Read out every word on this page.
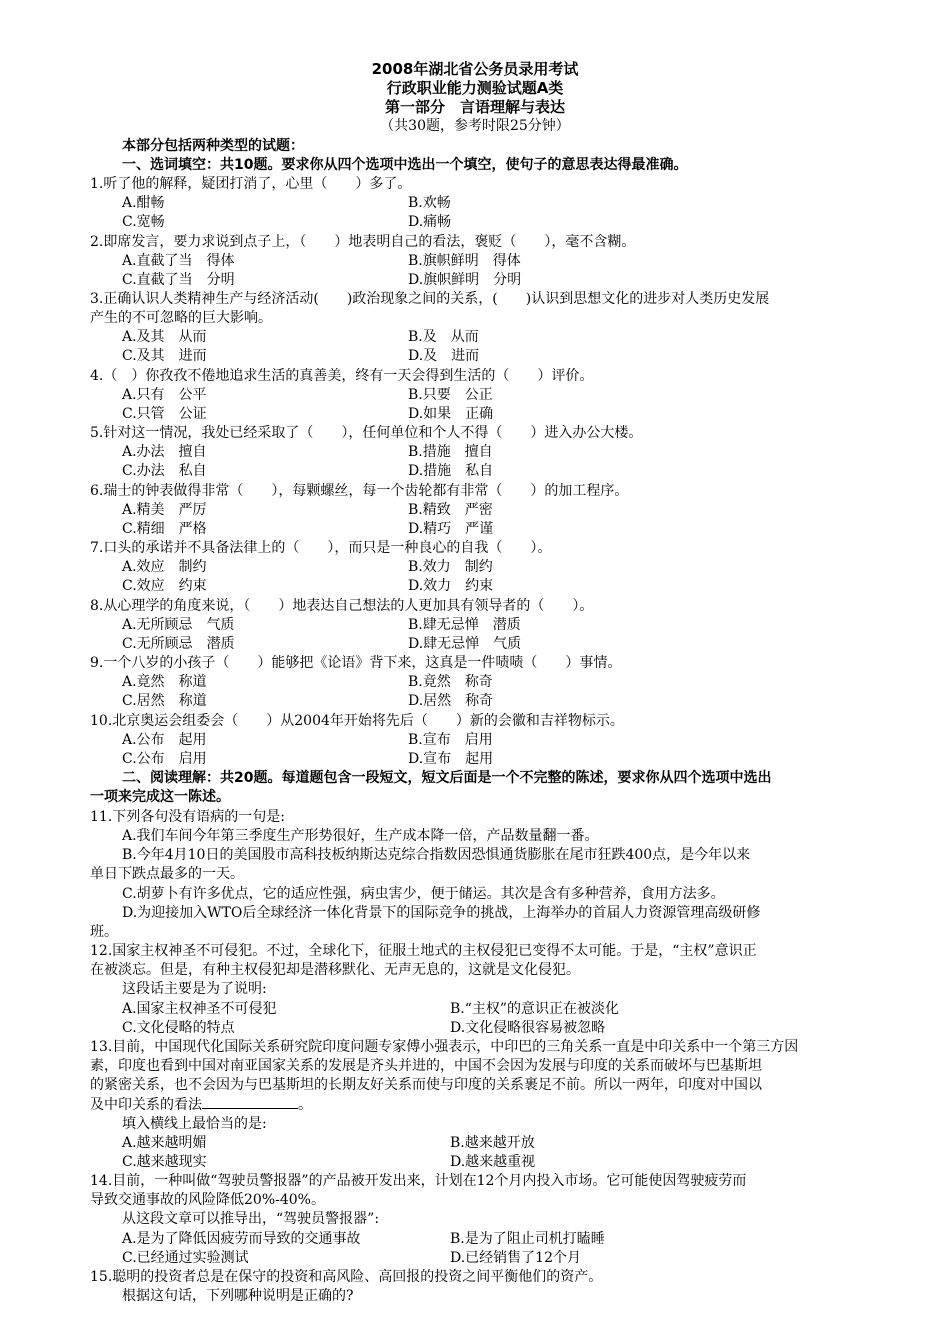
2008年湖北省公务员录用考试
行政职业能力测验试题A类
第一部分　言语理解与表达
（共30题，参考时限25分钟）
本部分包括两种类型的试题：
一、选词填空：共10题。要求你从四个选项中选出一个填空，使句子的意思表达得最准确。
1.听了他的解释，疑团打消了，心里（　　）多了。
A.酣畅	B.欢畅
C.宽畅	D.痛畅
2.即席发言，要力求说到点子上，（　　）地表明自己的看法，褒贬（　　），毫不含糊。
A.直截了当　得体	B.旗帜鲜明　得体
C.直截了当　分明	D.旗帜鲜明　分明
3.正确认识人类精神生产与经济活动(　　)政治现象之间的关系，(　　)认识到思想文化的进步对人类历史发展
产生的不可忽略的巨大影响。
A.及其　从而	B.及　从而
C.及其　进而	D.及　进而
4.（　）你孜孜不倦地追求生活的真善美，终有一天会得到生活的（　　）评价。
A.只有　公平	B.只要　公正
C.只管　公证	D.如果　正确
5.针对这一情况，我处已经采取了（　　），任何单位和个人不得（　　）进入办公大楼。
A.办法　擅自	B.措施　擅自
C.办法　私自	D.措施　私自
6.瑞士的钟表做得非常（　　），每颗螺丝，每一个齿轮都有非常（　　）的加工程序。
A.精美　严厉	B.精致　严密
C.精细　严格	D.精巧　严谨
7.口头的承诺并不具备法律上的（　　），而只是一种良心的自我（　　）。
A.效应　制约	B.效力　制约
C.效应　约束	D.效力　约束
8.从心理学的角度来说，（　　）地表达自己想法的人更加具有领导者的（　　）。
A.无所顾忌　气质	B.肆无忌惮　潜质
C.无所顾忌　潜质	D.肆无忌惮　气质
9.一个八岁的小孩子（　　）能够把《论语》背下来，这真是一件啧啧（　　）事情。
A.竟然　称道	B.竟然　称奇
C.居然　称道	D.居然　称奇
10.北京奥运会组委会（　　）从2004年开始将先后（　　）新的会徽和吉祥物标示。
A.公布　起用	B.宣布　启用
C.公布　启用	D.宣布　起用
二、阅读理解：共20题。每道题包含一段短文，短文后面是一个不完整的陈述，要求你从四个选项中选出
一项来完成这一陈述。
11.下列各句没有语病的一句是:
A.我们车间今年第三季度生产形势很好，生产成本降一倍，产品数量翻一番。
B.今年4月10日的美国股市高科技板纳斯达克综合指数因恐惧通货膨胀在尾市狂跌400点，是今年以来
单日下跌点最多的一天。
C.胡萝卜有许多优点，它的适应性强，病虫害少，便于储运。其次是含有多种营养，食用方法多。
D.为迎接加入WTO后全球经济一体化背景下的国际竞争的挑战，上海举办的首届人力资源管理高级研修
班。
12.国家主权神圣不可侵犯。不过，全球化下，征服土地式的主权侵犯已变得不太可能。于是，“主权”意识正
在被淡忘。但是，有种主权侵犯却是潜移默化、无声无息的，这就是文化侵犯。
这段话主要是为了说明:
A.国家主权神圣不可侵犯	B.“主权”的意识正在被淡化
C.文化侵略的特点	D.文化侵略很容易被忽略
13.目前，中国现代化国际关系研究院印度问题专家傅小强表示，中印巴的三角关系一直是中印关系中一个第三方因
素，印度也看到中国对南亚国家关系的发展是齐头并进的，中国不会因为发展与印度的关系而破坏与巴基斯坦
的紧密关系，也不会因为与巴基斯坦的长期友好关系而使与印度的关系裹足不前。所以一两年，印度对中国以
及中印关系的看法	。
填入横线上最恰当的是:
A.越来越明媚	B.越来越开放
C.越来越现实	D.越来越重视
14.目前，一种叫做“驾驶员警报器”的产品被开发出来，计划在12个月内投入市场。它可能使因驾驶疲劳而
导致交通事故的风险降低20%-40%。
从这段文章可以推导出，“驾驶员警报器”:
A.是为了降低因疲劳而导致的交通事故	B.是为了阻止司机打瞌睡
C.已经通过实验测试	D.已经销售了12个月
15.聪明的投资者总是在保守的投资和高风险、高回报的投资之间平衡他们的资产。
根据这句话，下列哪种说明是正确的?
